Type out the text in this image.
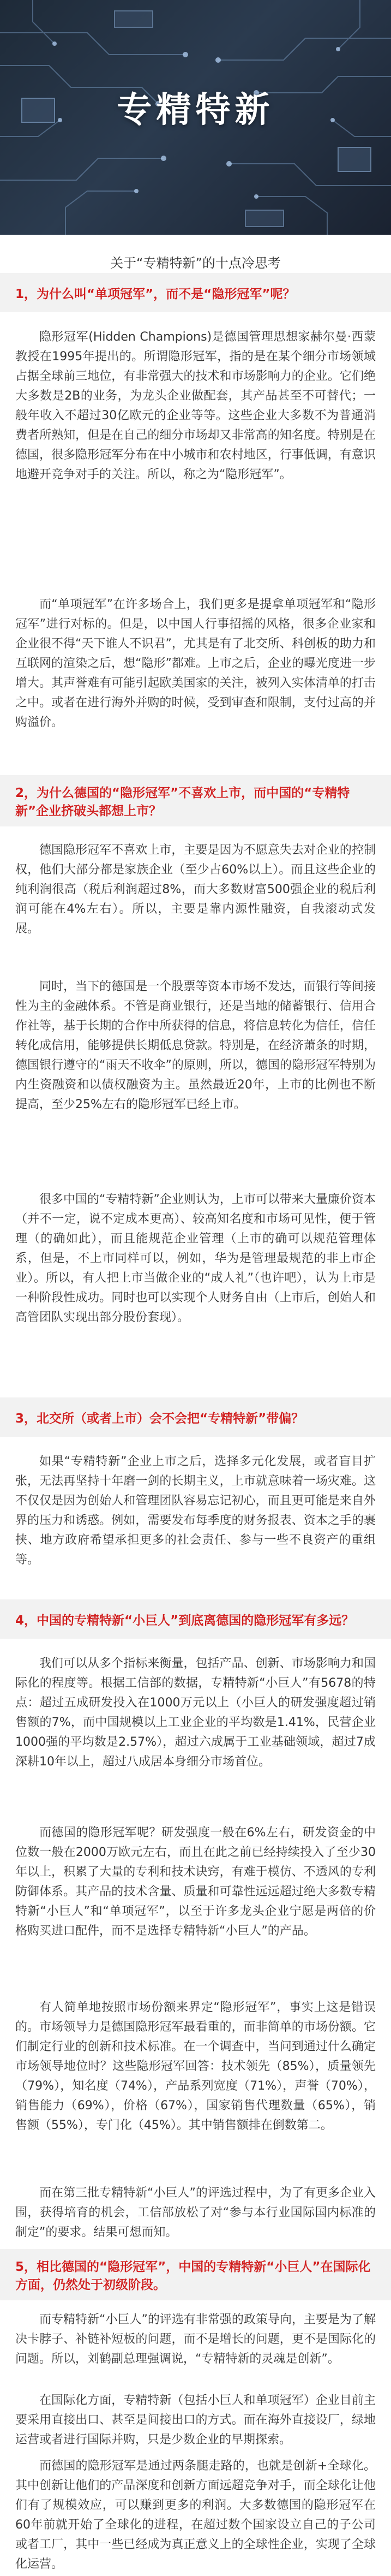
专精特新
关于“专精特新”的十点冷思考
1，为什么叫“单项冠军”，而不是“隐形冠军”呢？

隐形冠军(Hidden Champions)是德国管理思想家赫尔曼·西蒙教授在1995年提出的。所谓隐形冠军，指的是在某个细分市场领域占据全球前三地位，有非常强大的技术和市场影响力的企业。它们绝大多数是2B的业务，为龙头企业做配套，其产品甚至不可替代；一般年收入不超过30亿欧元的企业等等。这些企业大多数不为普通消费者所熟知，但是在自己的细分市场却又非常高的知名度。特别是在德国，很多隐形冠军分布在中小城市和农村地区，行事低调，有意识地避开竞争对手的关注。所以，称之为“隐形冠军”。

而“单项冠军”在许多场合上，我们更多是提拿单项冠军和“隐形冠军”进行对标的。但是，以中国人行事招摇的风格，很多企业家和企业很不得“天下谁人不识君”，尤其是有了北交所、科创板的助力和互联网的渲染之后，想“隐形”都难。上市之后，企业的曝光度进一步增大。其声誉难有可能引起欧美国家的关注，被列入实体清单的打击之中。或者在进行海外并购的时候，受到审查和限制，支付过高的并购溢价。

2，为什么德国的“隐形冠军”不喜欢上市，而中国的“专精特新”企业挤破头都想上市？

德国隐形冠军不喜欢上市，主要是因为不愿意失去对企业的控制权，他们大部分都是家族企业（至少占60%以上）。而且这些企业的纯利润很高（税后利润超过8%，而大多数财富500强企业的税后利润可能在4%左右）。所以，主要是靠内源性融资，自我滚动式发展。

同时，当下的德国是一个股票等资本市场不发达，而银行等间接性为主的金融体系。不管是商业银行，还是当地的储蓄银行、信用合作社等，基于长期的合作中所获得的信息，将信息转化为信任，信任转化成信用，能够提供长期低息贷款。特别是，在经济萧条的时期，德国银行遵守的“雨天不收伞”的原则，所以，德国的隐形冠军特别为内生资融资和以债权融资为主。虽然最近20年，上市的比例也不断提高，至少25%左右的隐形冠军已经上市。

很多中国的“专精特新”企业则认为，上市可以带来大量廉价资本（并不一定，说不定成本更高）、较高知名度和市场可见性，便于管理（的确如此），而且能规范企业管理（上市的确可以规范管理体系，但是，不上市同样可以，例如，华为是管理最规范的非上市企业）。所以，有人把上市当做企业的“成人礼”（也许吧），认为上市是一种阶段性成功。同时也可以实现个人财务自由（上市后，创始人和高管团队实现出部分股份套现）。

3，北交所（或者上市）会不会把“专精特新”带偏？

如果“专精特新”企业上市之后，选择多元化发展，或者盲目扩张，无法再坚持十年磨一剑的长期主义，上市就意味着一场灾难。这不仅仅是因为创始人和管理团队容易忘记初心，而且更可能是来自外界的压力和诱惑。例如，需要发布每季度的财务报表、资本之手的裹挟、地方政府希望承担更多的社会责任、参与一些不良资产的重组等。

4，中国的专精特新“小巨人”到底离德国的隐形冠军有多远？

我们可以从多个指标来衡量，包括产品、创新、市场影响力和国际化的程度等。根据工信部的数据，专精特新“小巨人”有5678的特点：超过五成研发投入在1000万元以上（小巨人的研发强度超过销售额的7%，而中国规模以上工业企业的平均数是1.41%，民营企业1000强的平均数是2.57%），超过六成属于工业基础领域，超过7成深耕10年以上，超过八成居本身细分市场首位。

而德国的隐形冠军呢？研发强度一般在6%左右，研发资金的中位数一般在2000万欧元左右，而且在此之前已经持续投入了至少30年以上，积累了大量的专利和技术诀窍，有难于模仿、不透风的专利防御体系。其产品的技术含量、质量和可靠性远远超过绝大多数专精特新“小巨人”和“单项冠军”，以至于许多龙头企业宁愿是两倍的价格购买进口配件，而不是选择专精特新“小巨人”的产品。

有人简单地按照市场份额来界定“隐形冠军”，事实上这是错误的。市场领导力是德国隐形冠军最看重的，而非简单的市场份额。它们制定行业的创新和技术标准。在一个调查中，当问到通过什么确定市场领导地位时？这些隐形冠军回答：技术领先（85%），质量领先（79%），知名度（74%），产品系列宽度（71%），声誉（70%），销售能力（69%），价格（67%），国家销售代理数量（65%），销售额（55%），专门化（45%）。其中销售额排在倒数第二。

而在第三批专精特新“小巨人”的评选过程中，为了有更多企业入围，获得培育的机会，工信部放松了对“参与本行业国际国内标准的制定”的要求。结果可想而知。

5，相比德国的“隐形冠军”，中国的专精特新“小巨人”在国际化方面，仍然处于初级阶段。

而专精特新“小巨人”的评选有非常强的政策导向，主要是为了解决卡脖子、补链补短板的问题，而不是增长的问题，更不是国际化的问题。所以，刘鹤副总理强调说，“专精特新的灵魂是创新”。

在国际化方面，专精特新（包括小巨人和单项冠军）企业目前主要采用直接出口、甚至是间接出口的方式。而在海外直接设厂，绿地运营或者进行国际并购，只是少数企业的早期探索。

而德国的隐形冠军是通过两条腿走路的，也就是创新+全球化。其中创新让他们的产品深度和创新方面远超竞争对手，而全球化让他们有了规模效应，可以赚到更多的利润。大多数德国的隐形冠军在60年前就开始了全球化的进程，在超过数个国家设立自己的子公司或者工厂，其中一些已经成为真正意义上的全球性企业，实现了全球化运营。
